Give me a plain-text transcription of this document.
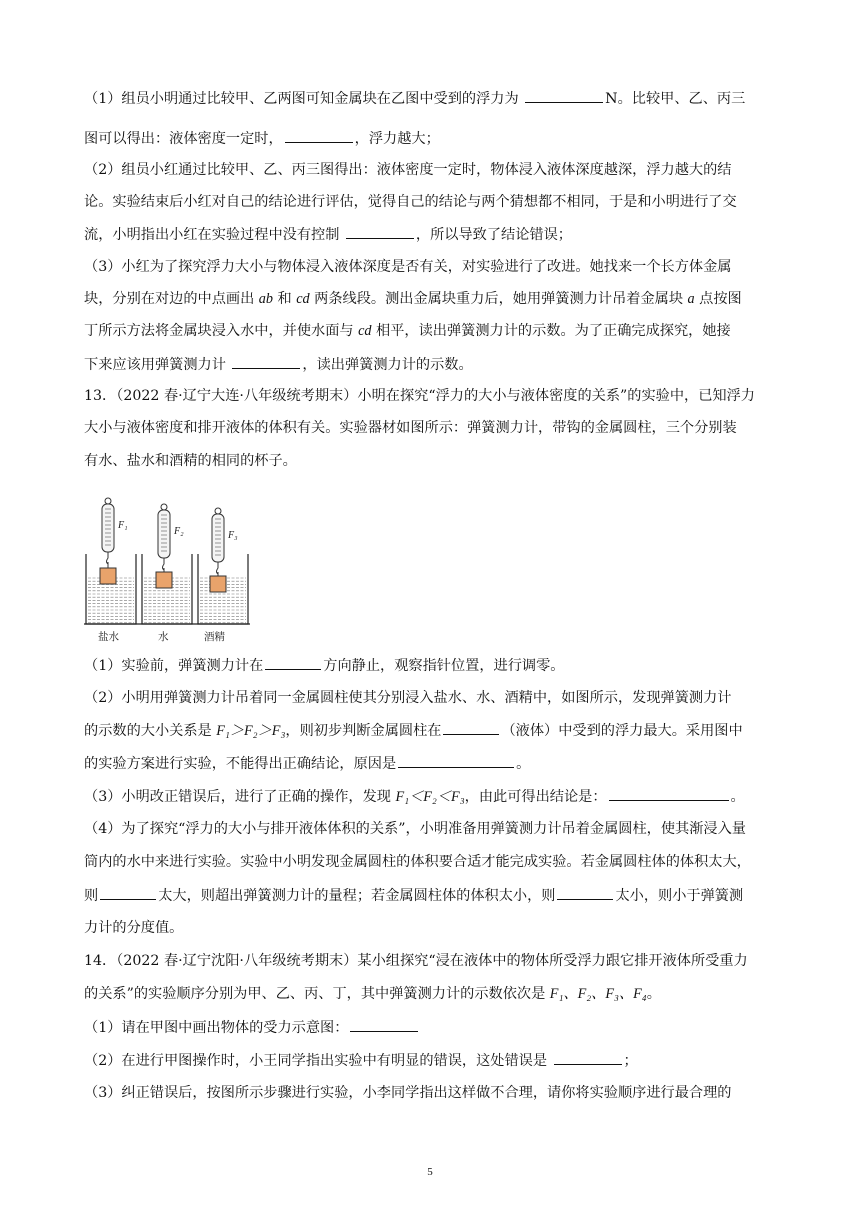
（1）组员小明通过比较甲、乙两图可知金属块在乙图中受到的浮力为	N。比较甲、乙、丙三
图可以得出：液体密度一定时，	，浮力越大；
（2）组员小红通过比较甲、乙、丙三图得出：液体密度一定时，物体浸入液体深度越深，浮力越大的结
论。实验结束后小红对自己的结论进行评估，觉得自己的结论与两个猜想都不相同，于是和小明进行了交
流，小明指出小红在实验过程中没有控制	，所以导致了结论错误；
（3）小红为了探究浮力大小与物体浸入液体深度是否有关，对实验进行了改进。她找来一个长方体金属
块，分别在对边的中点画出 ab 和 cd 两条线段。测出金属块重力后，她用弹簧测力计吊着金属块 a 点按图
丁所示方法将金属块浸入水中，并使水面与 cd 相平，读出弹簧测力计的示数。为了正确完成探究，她接
下来应该用弹簧测力计	，读出弹簧测力计的示数。
13．（2022 春·辽宁大连·八年级统考期末）小明在探究“浮力的大小与液体密度的关系”的实验中，已知浮力
大小与液体密度和排开液体的体积有关。实验器材如图所示：弹簧测力计，带钩的金属圆柱，三个分别装
有水、盐水和酒精的相同的杯子。
F₁
F₂	F₃
盐水	水	酒精
（1）实验前，弹簧测力计在	方向静止，观察指针位置，进行调零。
（2）小明用弹簧测力计吊着同一金属圆柱使其分别浸入盐水、水、酒精中，如图所示，发现弹簧测力计
的示数的大小关系是 F₁＞F₂＞F₃，则初步判断金属圆柱在	（液体）中受到的浮力最大。采用图中
的实验方案进行实验，不能得出正确结论，原因是	。
（3）小明改正错误后，进行了正确的操作，发现 F₁＜F₂＜F₃，由此可得出结论是：	。
（4）为了探究“浮力的大小与排开液体体积的关系”，小明准备用弹簧测力计吊着金属圆柱，使其渐浸入量
筒内的水中来进行实验。实验中小明发现金属圆柱的体积要合适才能完成实验。若金属圆柱体的体积太大，
则	太大，则超出弹簧测力计的量程；若金属圆柱体的体积太小，则	太小，则小于弹簧测
力计的分度值。
14．（2022 春·辽宁沈阳·八年级统考期末）某小组探究“浸在液体中的物体所受浮力跟它排开液体所受重力
的关系”的实验顺序分别为甲、乙、丙、丁，其中弹簧测力计的示数依次是 F₁、F₂、F₃、F₄。
（1）请在甲图中画出物体的受力示意图：
（2）在进行甲图操作时，小王同学指出实验中有明显的错误，这处错误是	；
（3）纠正错误后，按图所示步骤进行实验，小李同学指出这样做不合理，请你将实验顺序进行最合理的
5
